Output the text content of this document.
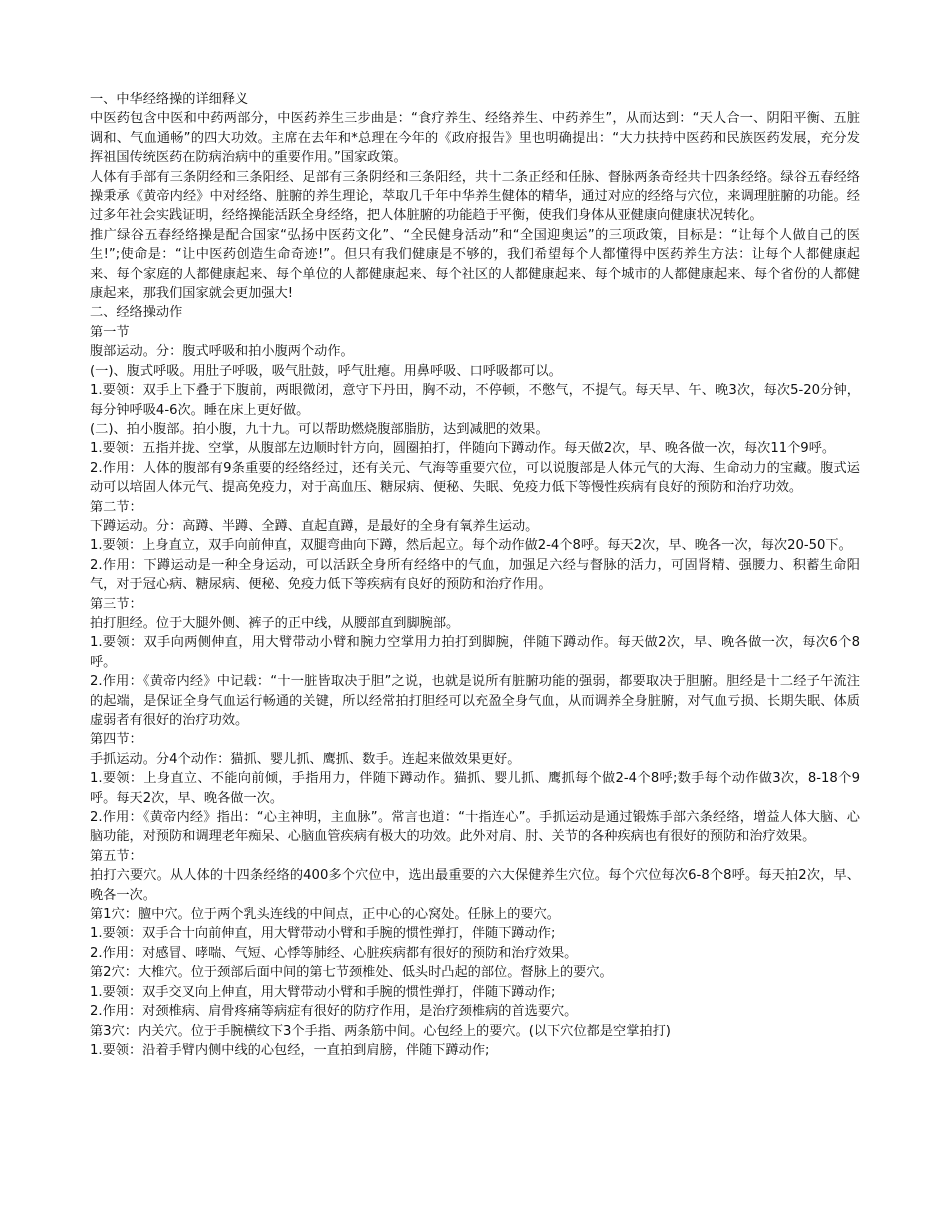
一、中华经络操的详细释义

中医药包含中医和中药两部分，中医药养生三步曲是：“食疗养生、经络养生、中药养生”，从而达到：“天人合一、阴阳平衡、五脏调和、气血通畅”的四大功效。主席在去年和*总理在今年的《政府报告》里也明确提出：“大力扶持中医药和民族医药发展，充分发挥祖国传统医药在防病治病中的重要作用。”国家政策。

人体有手部有三条阴经和三条阳经、足部有三条阴经和三条阳经，共十二条正经和任脉、督脉两条奇经共十四条经络。绿谷五春经络操秉承《黄帝内经》中对经络、脏腑的养生理论，萃取几千年中华养生健体的精华，通过对应的经络与穴位，来调理脏腑的功能。经过多年社会实践证明，经络操能活跃全身经络，把人体脏腑的功能趋于平衡，使我们身体从亚健康向健康状况转化。

推广绿谷五春经络操是配合国家“弘扬中医药文化”、“全民健身活动”和“全国迎奥运”的三项政策，目标是：“让每个人做自己的医生!”;使命是：“让中医药创造生命奇迹!”。但只有我们健康是不够的，我们希望每个人都懂得中医药养生方法：让每个人都健康起来、每个家庭的人都健康起来、每个单位的人都健康起来、每个社区的人都健康起来、每个城市的人都健康起来、每个省份的人都健康起来，那我们国家就会更加强大!

二、经络操动作

第一节

腹部运动。分：腹式呼吸和拍小腹两个动作。

(一)、腹式呼吸。用肚子呼吸，吸气肚鼓，呼气肚瘪。用鼻呼吸、口呼吸都可以。

1.要领：双手上下叠于下腹前，两眼微闭，意守下丹田，胸不动，不停顿，不憋气，不提气。每天早、午、晚3次，每次5-20分钟，每分钟呼吸4-6次。睡在床上更好做。

(二)、拍小腹部。拍小腹，九十九。可以帮助燃烧腹部脂肪，达到减肥的效果。

1.要领：五指并拢、空掌，从腹部左边顺时针方向，圆圈拍打，伴随向下蹲动作。每天做2次，早、晚各做一次，每次11个9呼。

2.作用：人体的腹部有9条重要的经络经过，还有关元、气海等重要穴位，可以说腹部是人体元气的大海、生命动力的宝藏。腹式运动可以培固人体元气、提高免疫力，对于高血压、糖尿病、便秘、失眠、免疫力低下等慢性疾病有良好的预防和治疗功效。

第二节：

下蹲运动。分：高蹲、半蹲、全蹲、直起直蹲，是最好的全身有氧养生运动。

1.要领：上身直立，双手向前伸直，双腿弯曲向下蹲，然后起立。每个动作做2-4个8呼。每天2次，早、晚各一次，每次20-50下。

2.作用：下蹲运动是一种全身运动，可以活跃全身所有经络中的气血，加强足六经与督脉的活力，可固肾精、强腰力、积蓄生命阳气，对于冠心病、糖尿病、便秘、免疫力低下等疾病有良好的预防和治疗作用。

第三节：

拍打胆经。位于大腿外侧、裤子的正中线，从腰部直到脚腕部。

1.要领：双手向两侧伸直，用大臂带动小臂和腕力空掌用力拍打到脚腕，伴随下蹲动作。每天做2次，早、晚各做一次，每次6个8呼。

2.作用：《黄帝内经》中记载：“十一脏皆取决于胆”之说，也就是说所有脏腑功能的强弱，都要取决于胆腑。胆经是十二经子午流注的起端，是保证全身气血运行畅通的关键，所以经常拍打胆经可以充盈全身气血，从而调养全身脏腑，对气血亏损、长期失眠、体质虚弱者有很好的治疗功效。

第四节：

手抓运动。分4个动作：猫抓、婴儿抓、鹰抓、数手。连起来做效果更好。

1.要领：上身直立、不能向前倾，手指用力，伴随下蹲动作。猫抓、婴儿抓、鹰抓每个做2-4个8呼;数手每个动作做3次，8-18个9呼。每天2次，早、晚各做一次。

2.作用：《黄帝内经》指出：“心主神明，主血脉”。常言也道：“十指连心”。手抓运动是通过锻炼手部六条经络，增益人体大脑、心脑功能，对预防和调理老年痴呆、心脑血管疾病有极大的功效。此外对肩、肘、关节的各种疾病也有很好的预防和治疗效果。

第五节：

拍打六要穴。从人体的十四条经络的400多个穴位中，选出最重要的六大保健养生穴位。每个穴位每次6-8个8呼。每天拍2次，早、晚各一次。

第1穴：膻中穴。位于两个乳头连线的中间点，正中心的心窝处。任脉上的要穴。

1.要领：双手合十向前伸直，用大臂带动小臂和手腕的惯性弹打，伴随下蹲动作;

2.作用：对感冒、哮喘、气短、心悸等肺经、心脏疾病都有很好的预防和治疗效果。

第2穴：大椎穴。位于颈部后面中间的第七节颈椎处、低头时凸起的部位。督脉上的要穴。

1.要领：双手交叉向上伸直，用大臂带动小臂和手腕的惯性弹打，伴随下蹲动作;

2.作用：对颈椎病、肩骨疼痛等病症有很好的防疗作用，是治疗颈椎病的首选要穴。

第3穴：内关穴。位于手腕横纹下3个手指、两条筋中间。心包经上的要穴。(以下穴位都是空掌拍打)

1.要领：沿着手臂内侧中线的心包经，一直拍到肩膀，伴随下蹲动作;
